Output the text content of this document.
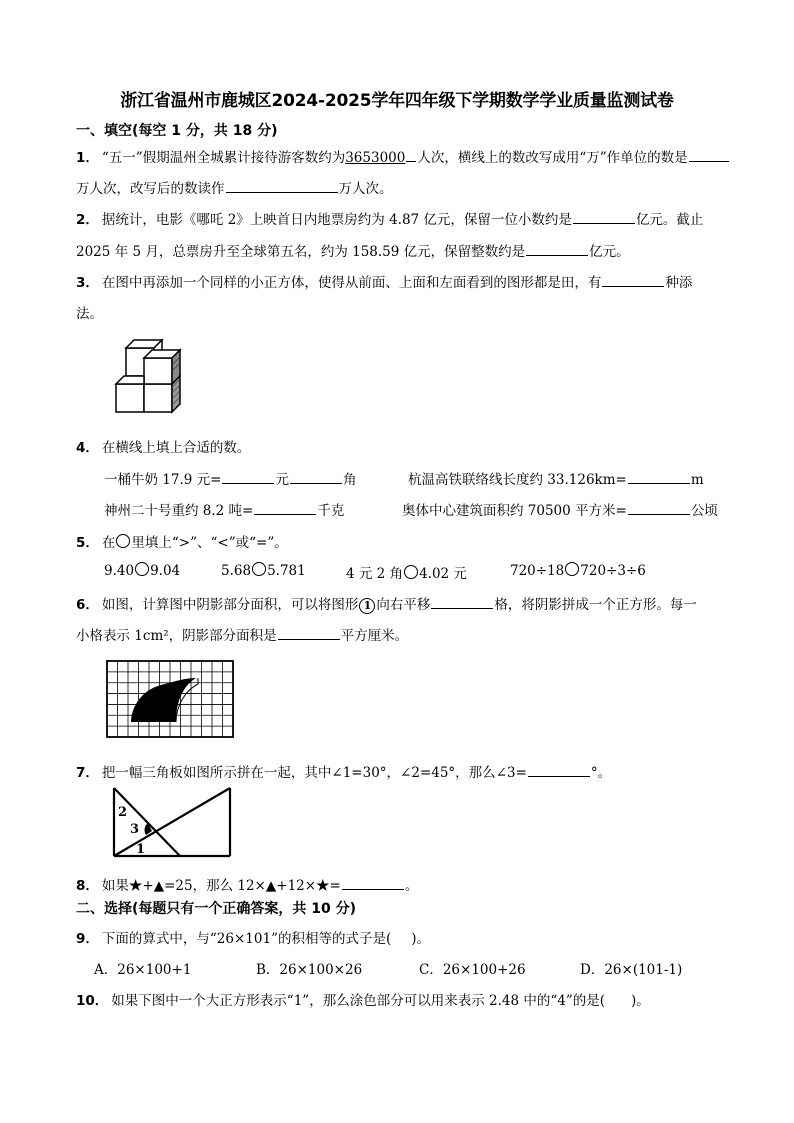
浙江省温州市鹿城区2024-2025学年四年级下学期数学学业质量监测试卷
一、填空(每空 1 分，共 18 分)
1． “五一”假期温州全城累计接待游客数约为3653000 人次，横线上的数改写成用“万”作单位的数是
万人次，改写后的数读作	万人次。
2． 据统计，电影《哪吒 2》上映首日内地票房约为 4.87 亿元，保留一位小数约是	亿元。截止
2025 年 5 月，总票房升至全球第五名，约为 158.59 亿元，保留整数约是	亿元。
3． 在图中再添加一个同样的小正方体，使得从前面、上面和左面看到的图形都是田，有	种添
法。
4． 在横线上填上合适的数。
一桶牛奶 17.9 元=	元	角	杭温高铁联络线长度约 33.126km=	m
神州二十号重约 8.2 吨=	千克	奥体中心建筑面积约 70500 平方米=	公顷
5． 在 里填上“>”、“<”或“=”。
9.40 9.04	5.68 5.781	4 元 2 角 4.02 元	720÷18 720÷3÷6
6． 如图，计算图中阴影部分面积，可以将图形 1 向右平移	格，将阴影拼成一个正方形。每一
小格表示 1cm²，阴影部分面积是	平方厘米。
7． 把一幅三角板如图所示拼在一起，其中∠1=30°，∠2=45°，那么∠3=	°。
2
3
1
8． 如果★+▲=25，那么 12×▲+12×★=	。
二、选择(每题只有一个正确答案，共 10 分)
9． 下面的算式中，与“26×101”的积相等的式子是( )。
A．26×100+1	B．26×100×26	C．26×100+26	D．26×(101-1)
10． 如果下图中一个大正方形表示“1”，那么涂色部分可以用来表示 2.48 中的“4”的是( )。
